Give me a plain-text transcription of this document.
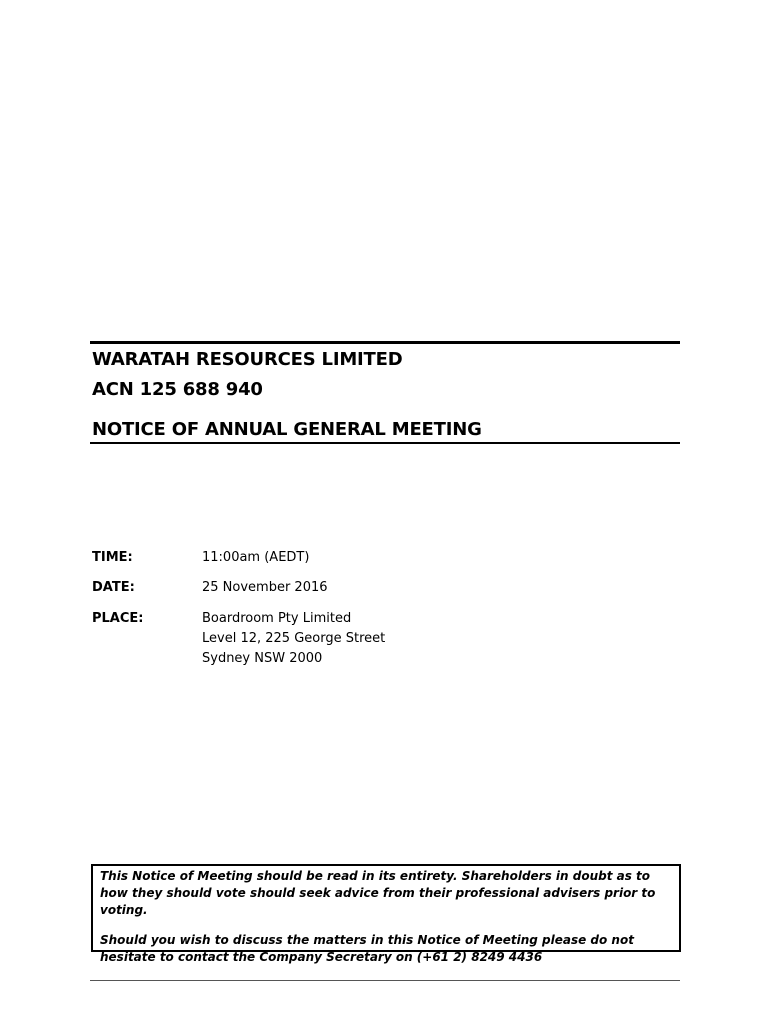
WARATAH RESOURCES LIMITED
ACN 125 688 940
NOTICE OF ANNUAL GENERAL MEETING
TIME:	11:00am (AEDT)
DATE:	25 November 2016
PLACE:	Boardroom Pty Limited
Level 12, 225 George Street
Sydney NSW 2000

This Notice of Meeting should be read in its entirety. Shareholders in doubt as to how they should vote should seek advice from their professional advisers prior to voting.

Should you wish to discuss the matters in this Notice of Meeting please do not hesitate to contact the Company Secretary on (+61 2) 8249 4436
